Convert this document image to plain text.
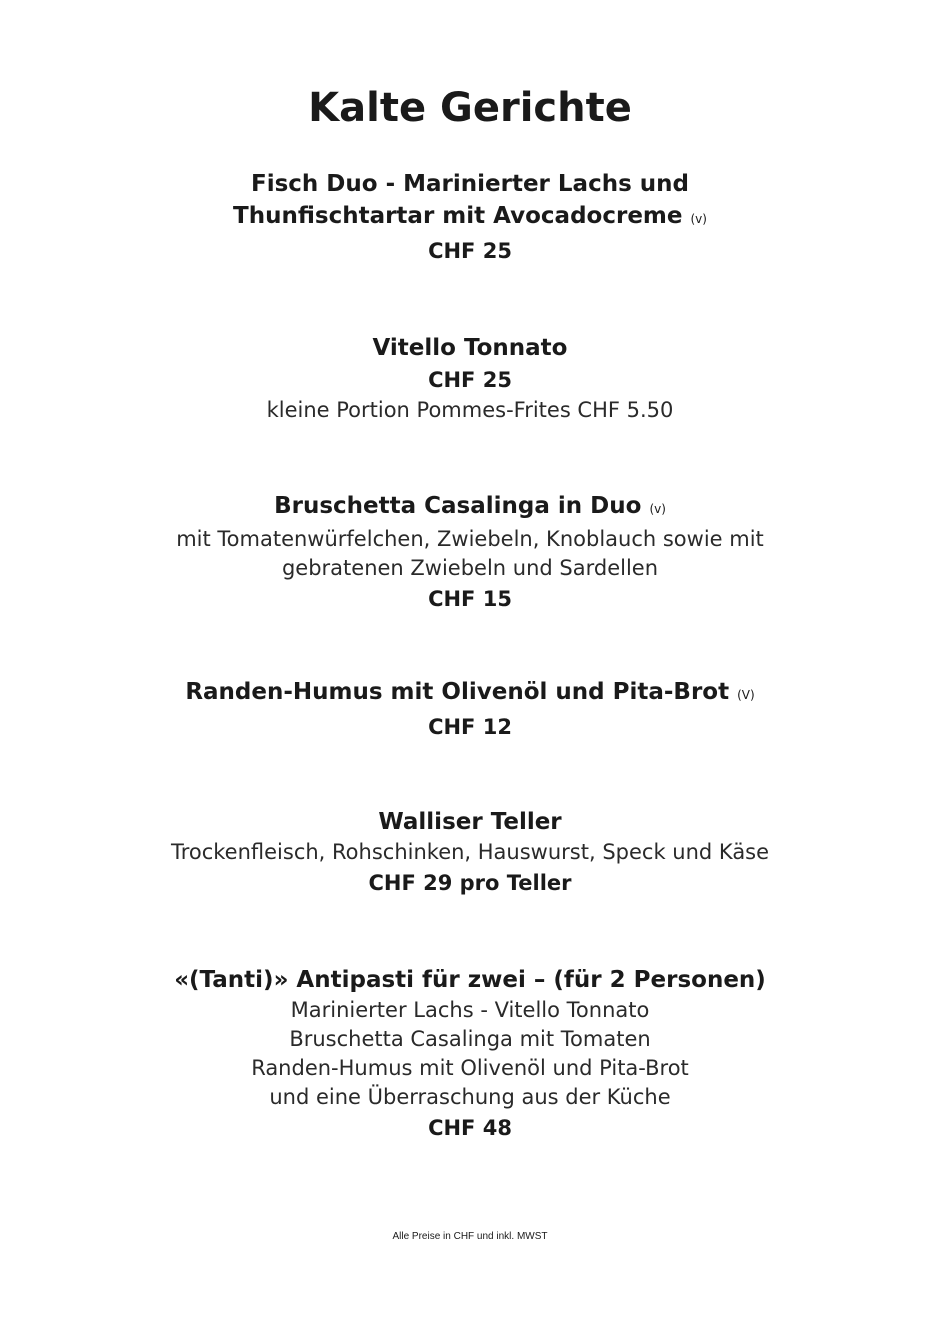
Kalte Gerichte
Fisch Duo - Marinierter Lachs und
Thunfischtartar mit Avocadocreme (v)
CHF 25
Vitello Tonnato
CHF 25
kleine Portion Pommes-Frites CHF 5.50
Bruschetta Casalinga in Duo (v)
mit Tomatenwürfelchen, Zwiebeln, Knoblauch sowie mit
gebratenen Zwiebeln und Sardellen
CHF 15
Randen-Humus mit Olivenöl und Pita-Brot (V)
CHF 12
Walliser Teller
Trockenfleisch, Rohschinken, Hauswurst, Speck und Käse
CHF 29 pro Teller
«(Tanti)» Antipasti für zwei – (für 2 Personen)
Marinierter Lachs - Vitello Tonnato
Bruschetta Casalinga mit Tomaten
Randen-Humus mit Olivenöl und Pita-Brot
und eine Überraschung aus der Küche
CHF 48
Alle Preise in CHF und inkl. MWST
